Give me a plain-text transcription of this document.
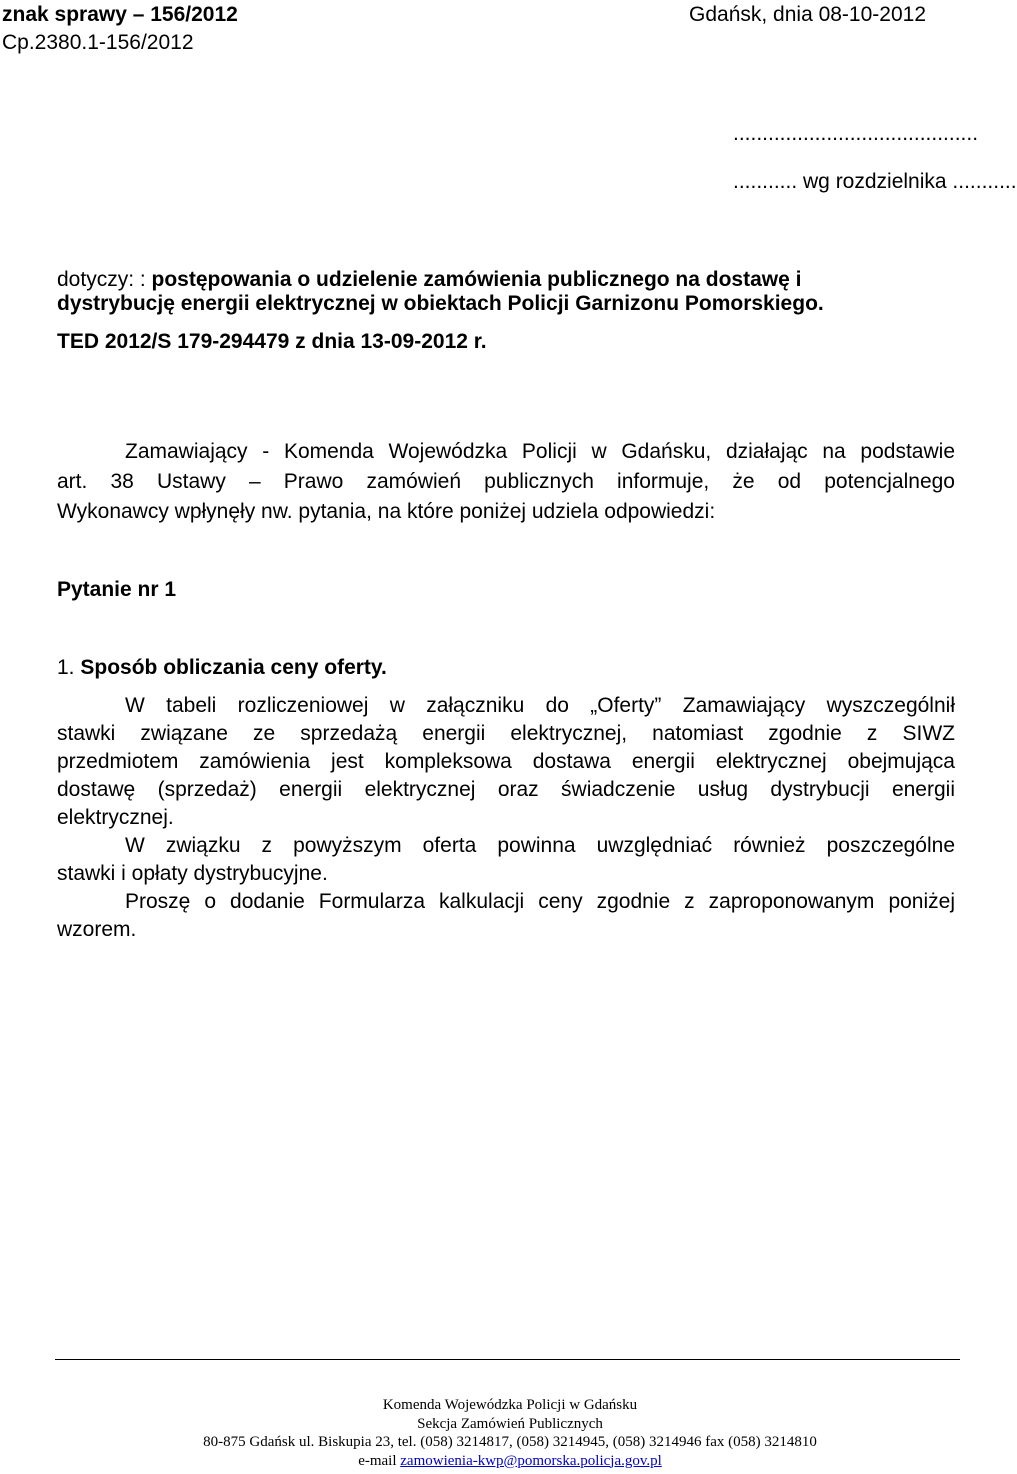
znak sprawy – 156/2012
Cp.2380.1-156/2012
Gdańsk, dnia 08-10-2012
..........................................
........... wg rozdzielnika ...........
dotyczy: : postępowania o udzielenie zamówienia publicznego na dostawę i
dystrybucję energii elektrycznej w obiektach Policji Garnizonu Pomorskiego.
TED 2012/S 179-294479 z dnia 13-09-2012 r.
Zamawiający - Komenda Wojewódzka Policji w Gdańsku, działając na podstawie
art. 38 Ustawy – Prawo zamówień publicznych informuje, że od potencjalnego
Wykonawcy wpłynęły nw. pytania, na które poniżej udziela odpowiedzi:
Pytanie nr 1
1. Sposób obliczania ceny oferty.
W tabeli rozliczeniowej w załączniku do „Oferty” Zamawiający wyszczególnił
stawki związane ze sprzedażą energii elektrycznej, natomiast zgodnie z SIWZ
przedmiotem zamówienia jest kompleksowa dostawa energii elektrycznej obejmująca
dostawę (sprzedaż) energii elektrycznej oraz świadczenie usług dystrybucji energii
elektrycznej.
W związku z powyższym oferta powinna uwzględniać również poszczególne
stawki i opłaty dystrybucyjne.
Proszę o dodanie Formularza kalkulacji ceny zgodnie z zaproponowanym poniżej
wzorem.
Komenda Wojewódzka Policji w Gdańsku
Sekcja Zamówień Publicznych
80-875 Gdańsk ul. Biskupia 23, tel. (058) 3214817, (058) 3214945, (058) 3214946 fax (058) 3214810
e-mail zamowienia-kwp@pomorska.policja.gov.pl
